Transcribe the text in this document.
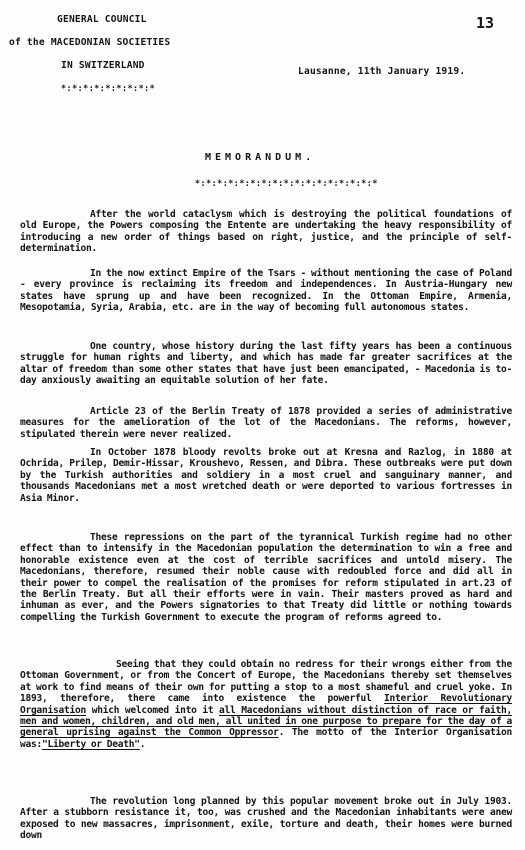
GENERAL COUNCIL
of the MACEDONIAN SOCIETIES
IN SWITZERLAND
*:*:*:*:*:*:*:*:*
Lausanne, 11th January 1919.
13
MEMORANDUM.
*:*:*:*:*:*:*:*:*:*:*:*:*:*:*:*:*
After the world cataclysm which is destroying the political foundations of old Europe, the Powers composing the Entente are undertaking the heavy responsibility of introducing a new order of things based on right, justice, and the principle of self-determination.
In the now extinct Empire of the Tsars - without mentioning the case of Poland - every province is reclaiming its freedom and independences. In Austria-Hungary new states have sprung up and have been recognized. In the Ottoman Empire, Armenia, Mesopotamia, Syria, Arabia, etc. are in the way of becoming full autonomous states.
One country, whose history during the last fifty years has been a continuous struggle for human rights and liberty, and which has made far greater sacrifices at the altar of freedom than some other states that have just been emancipated, - Macedonia is to-day anxiously awaiting an equitable solution of her fate.
Article 23 of the Berlin Treaty of 1878 provided a series of administrative measures for the amelioration of the lot of the Macedonians. The reforms, however, stipulated therein were never realized.
In October 1878 bloody revolts broke out at Kresna and Razlog, in 1880 at Ochrida, Prilep, Demir-Hissar, Kroushevo, Ressen, and Dibra. These outbreaks were put down by the Turkish authorities and soldiery in a most cruel and sanguinary manner, and thousands Macedonians met a most wretched death or were deported to various fortresses in Asia Minor.
These repressions on the part of the tyrannical Turkish regime had no other effect than to intensify in the Macedonian population the determination to win a free and honorable existence even at the cost of terrible sacrifices and untold misery. The Macedonians, therefore, resumed their noble cause with redoubled force and did all in their power to compel the realisation of the promises for reform stipulated in art.23 of the Berlin Treaty. But all their efforts were in vain. Their masters proved as hard and inhuman as ever, and the Powers signatories to that Treaty did little or nothing towards compelling the Turkish Government to execute the program of reforms agreed to.
Seeing that they could obtain no redress for their wrongs either from the Ottoman Government, or from the Concert of Europe, the Macedonians thereby set themselves at work to find means of their own for putting a stop to a most shameful and cruel yoke. In 1893, therefore, there came into existence the powerful Interior Revolutionary Organisation which welcomed into it all Macedonians without distinction of race or faith, men and women, children, and old men, all united in one purpose to prepare for the day of a general uprising against the Common Oppressor. The motto of the Interior Organisation was:"Liberty or Death".
The revolution long planned by this popular movement broke out in July 1903. After a stubborn resistance it, too, was crushed and the Macedonian inhabitants were anew exposed to new massacres, imprisonment, exile, torture and death, their homes were burned down
